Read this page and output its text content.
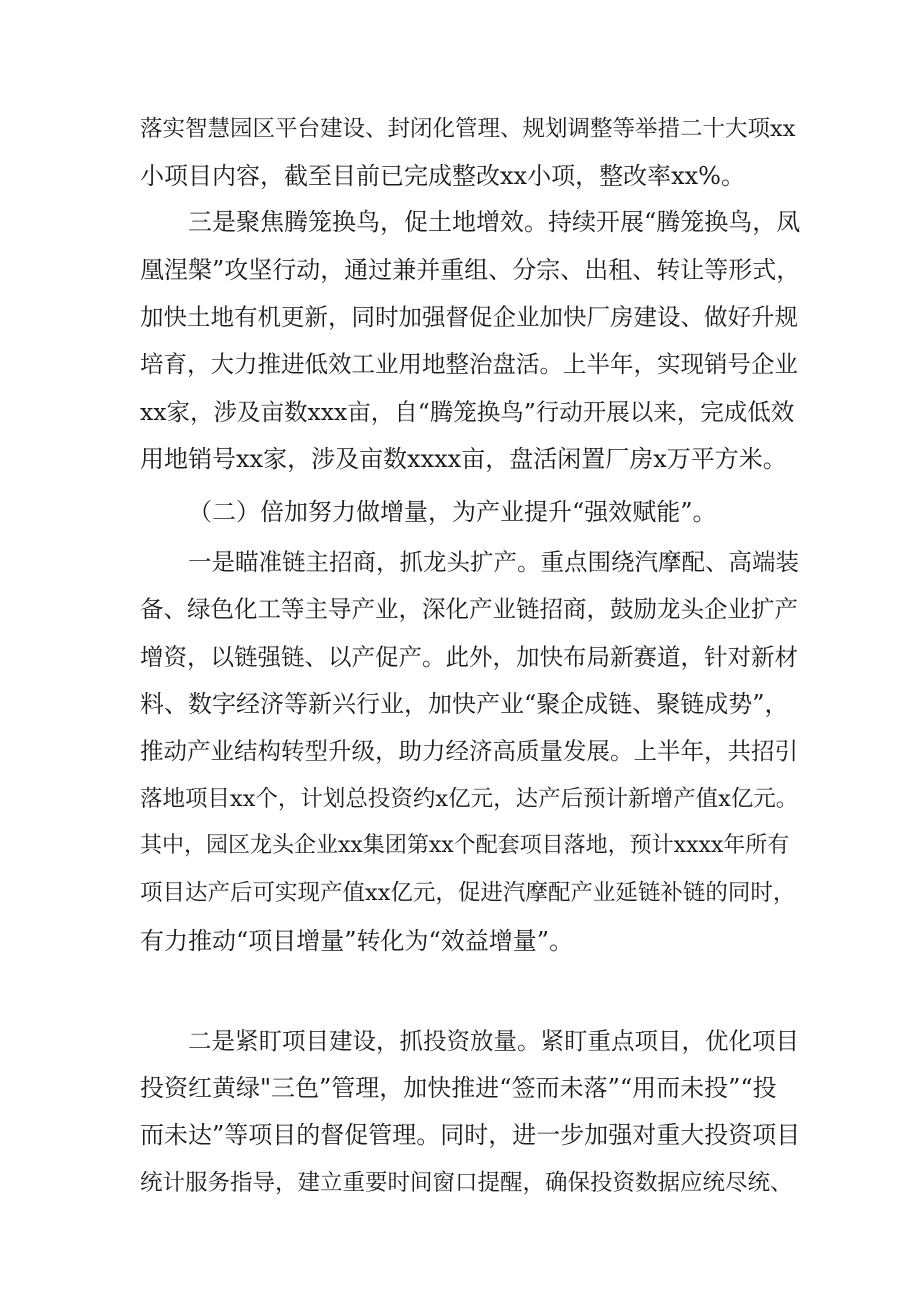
落实智慧园区平台建设、封闭化管理、规划调整等举措二十大项xx
小项目内容，截至目前已完成整改xx小项，整改率xx%。
三是聚焦腾笼换鸟，促土地增效。持续开展“腾笼换鸟，凤
凰涅槃”攻坚行动，通过兼并重组、分宗、出租、转让等形式，
加快土地有机更新，同时加强督促企业加快厂房建设、做好升规
培育，大力推进低效工业用地整治盘活。上半年，实现销号企业
xx家，涉及亩数xxx亩，自“腾笼换鸟”行动开展以来，完成低效
用地销号xx家，涉及亩数xxxx亩，盘活闲置厂房x万平方米。
（二）倍加努力做增量，为产业提升“强效赋能”。
一是瞄准链主招商，抓龙头扩产。重点围绕汽摩配、高端装
备、绿色化工等主导产业，深化产业链招商，鼓励龙头企业扩产
增资，以链强链、以产促产。此外，加快布局新赛道，针对新材
料、数字经济等新兴行业，加快产业“聚企成链、聚链成势”，
推动产业结构转型升级，助力经济高质量发展。上半年，共招引
落地项目xx个，计划总投资约x亿元，达产后预计新增产值x亿元。
其中，园区龙头企业xx集团第xx个配套项目落地，预计xxxx年所有
项目达产后可实现产值xx亿元，促进汽摩配产业延链补链的同时，
有力推动“项目增量”转化为“效益增量”。
二是紧盯项目建设，抓投资放量。紧盯重点项目，优化项目
投资红黄绿"三色”管理，加快推进“签而未落”“用而未投”“投
而未达”等项目的督促管理。同时，进一步加强对重大投资项目
统计服务指导，建立重要时间窗口提醒，确保投资数据应统尽统、
